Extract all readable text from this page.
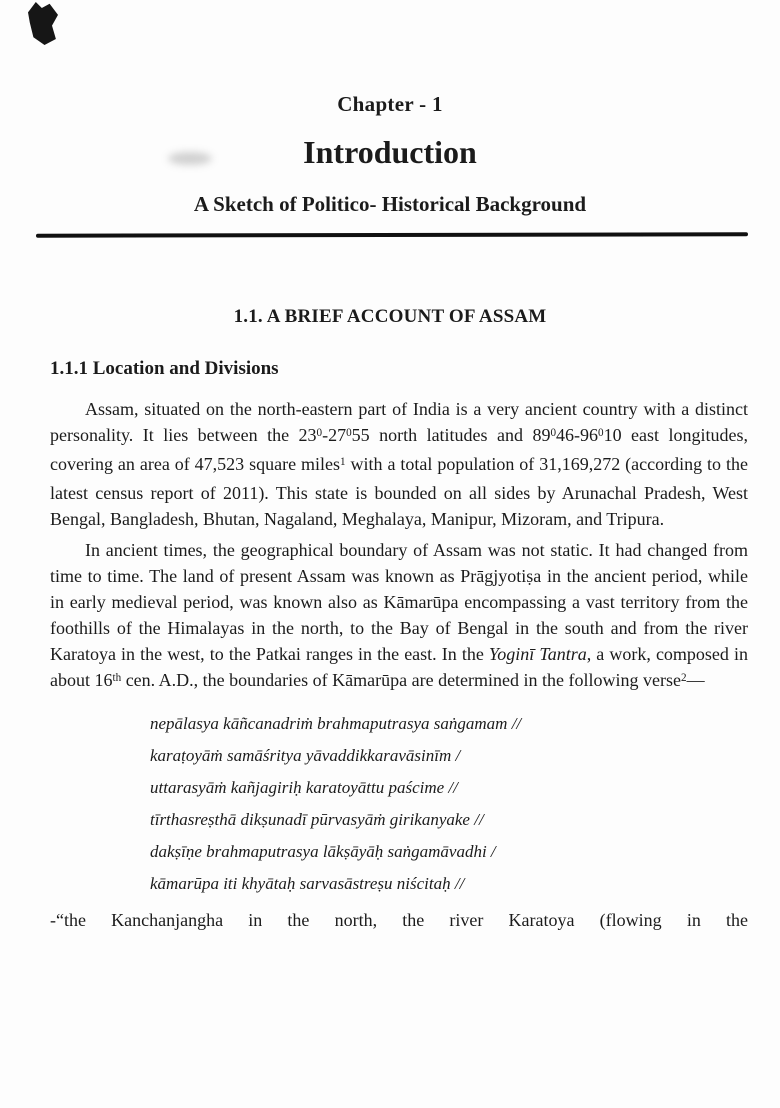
Chapter - 1
Introduction
A Sketch of Politico- Historical Background
1.1. A BRIEF ACCOUNT OF ASSAM
1.1.1 Location and Divisions

Assam, situated on the north-eastern part of India is a very ancient country with a distinct personality. It lies between the $23^0-27^055$ north latitudes and $89^046-96^010$ east longitudes, covering an area of 47,523 square miles$^1$ with a total population of 31,169,272 (according to the latest census report of 2011). This state is bounded on all sides by Arunachal Pradesh, West Bengal, Bangladesh, Bhutan, Nagaland, Meghalaya, Manipur, Mizoram, and Tripura.

In ancient times, the geographical boundary of Assam was not static. It had changed from time to time. The land of present Assam was known as Prāgjyotiṣa in the ancient period, while in early medieval period, was known also as Kāmarūpa encompassing a vast territory from the foothills of the Himalayas in the north, to the Bay of Bengal in the south and from the river Karatoya in the west, to the Patkai ranges in the east. In the Yoginī Tantra, a work, composed in about 16th cen. A.D., the boundaries of Kāmarūpa are determined in the following verse$^2$—

nepālasya kāñcanadriṁ brahmaputrasya saṅgamam //
karaṭoyāṁ samāśritya yāvaddikkaravāsinīm /
uttarasyāṁ kañjagiriḥ karatoyāttu paścime //
tīrthasreṣthā dikṣunadī pūrvasyāṁ girikanyake //
dakṣīṇe brahmaputrasya lākṣāyāḥ saṅgamāvadhi /
kāmarūpa iti khyātaḥ sarvasāstreṣu niścitaḥ //

-“the Kanchanjangha in the north, the river Karatoya (flowing in the
